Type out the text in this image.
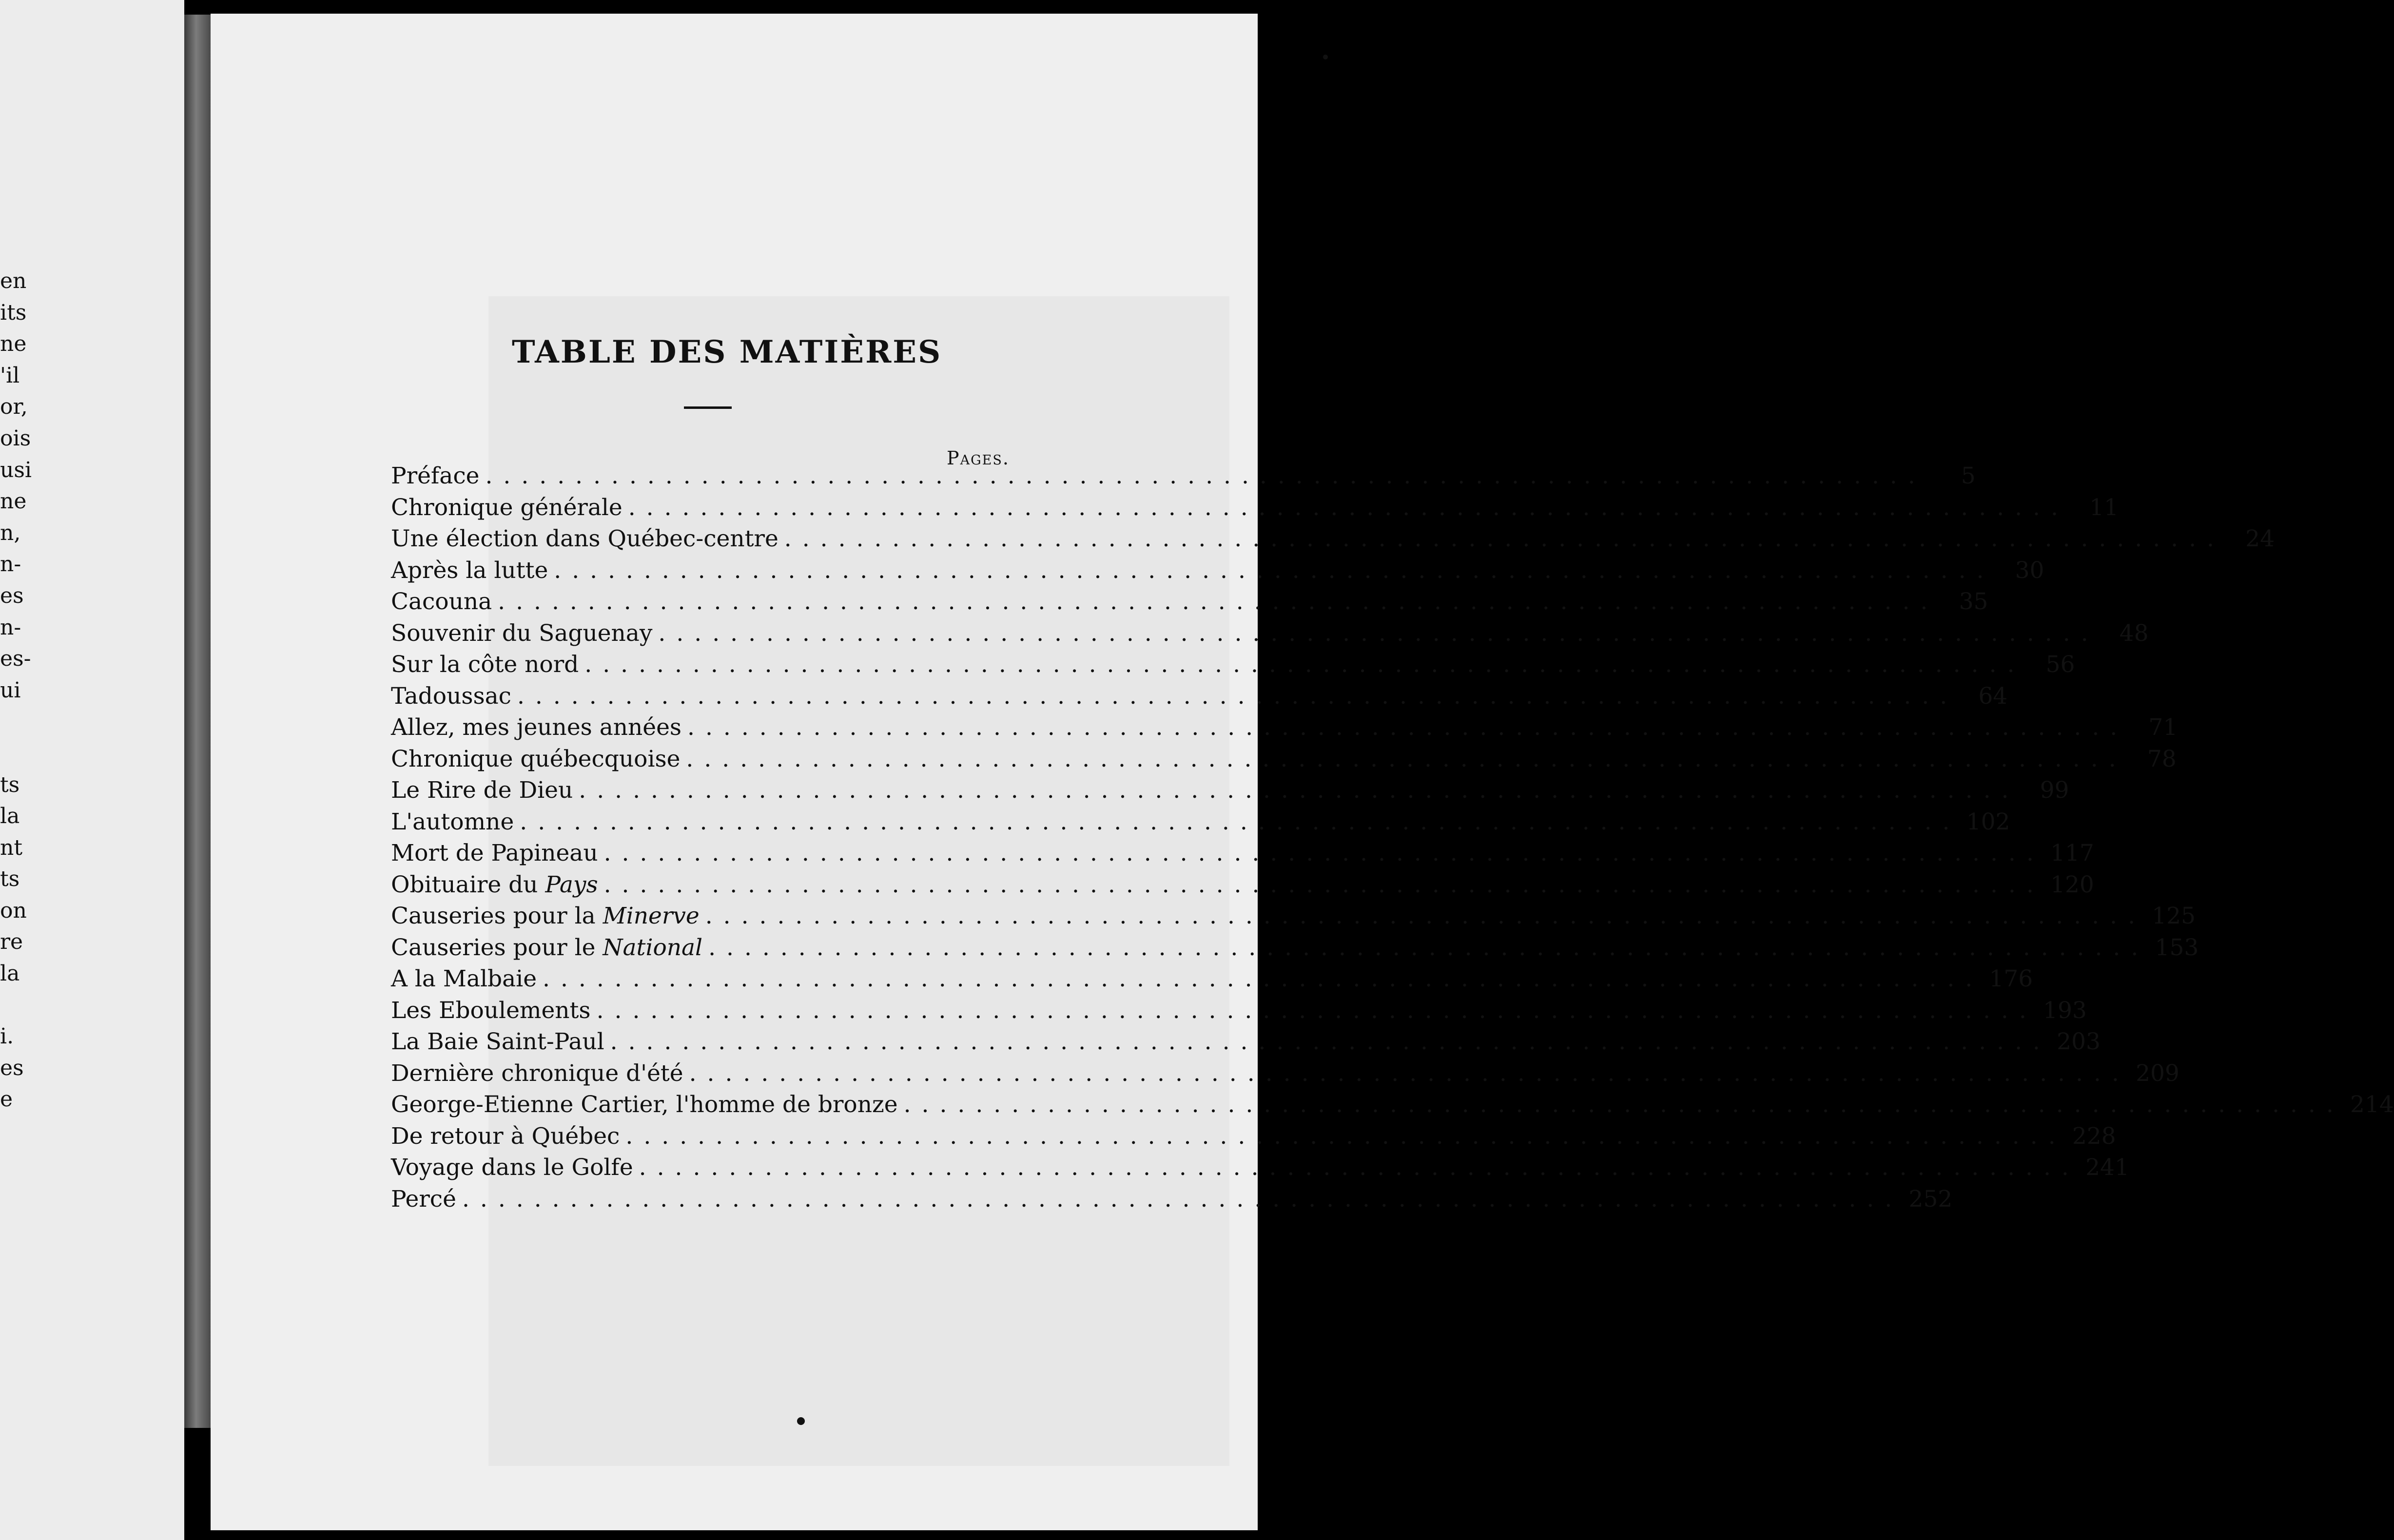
en
its
ne
'il
or,
ois
usi
ne
n,
n-
es
n-
es-
ui
ts
la
nt
ts
on
re
la
i.
es
e
TABLE DES MATIÈRES
Pages.
Préface ................................................................................	5
Chronique générale ................................................................................ 11
Une élection dans Québec-centre ................................................................................ 24
Après la lutte ................................................................................ 30
Cacouna ................................................................................ 35
Souvenir du Saguenay ................................................................................ 48
Sur la côte nord ................................................................................ 56
Tadoussac ................................................................................ 64
Allez, mes jeunes années ................................................................................ 71
Chronique québecquoise ................................................................................ 78
Le Rire de Dieu ................................................................................ 99
L'automne ................................................................................ 102
Mort de Papineau ................................................................................ 117
Obituaire du Pays ................................................................................ 120
Causeries pour la Minerve ................................................................................ 125
Causeries pour le National ................................................................................ 153
A la Malbaie ................................................................................ 176
Les Eboulements ................................................................................ 193
La Baie Saint-Paul ................................................................................ 203
Dernière chronique d'été ................................................................................ 209
George-Etienne Cartier, l'homme de bronze ................................................................................ 214
De retour à Québec ................................................................................ 228
Voyage dans le Golfe ................................................................................ 241
Percé ................................................................................ 252
